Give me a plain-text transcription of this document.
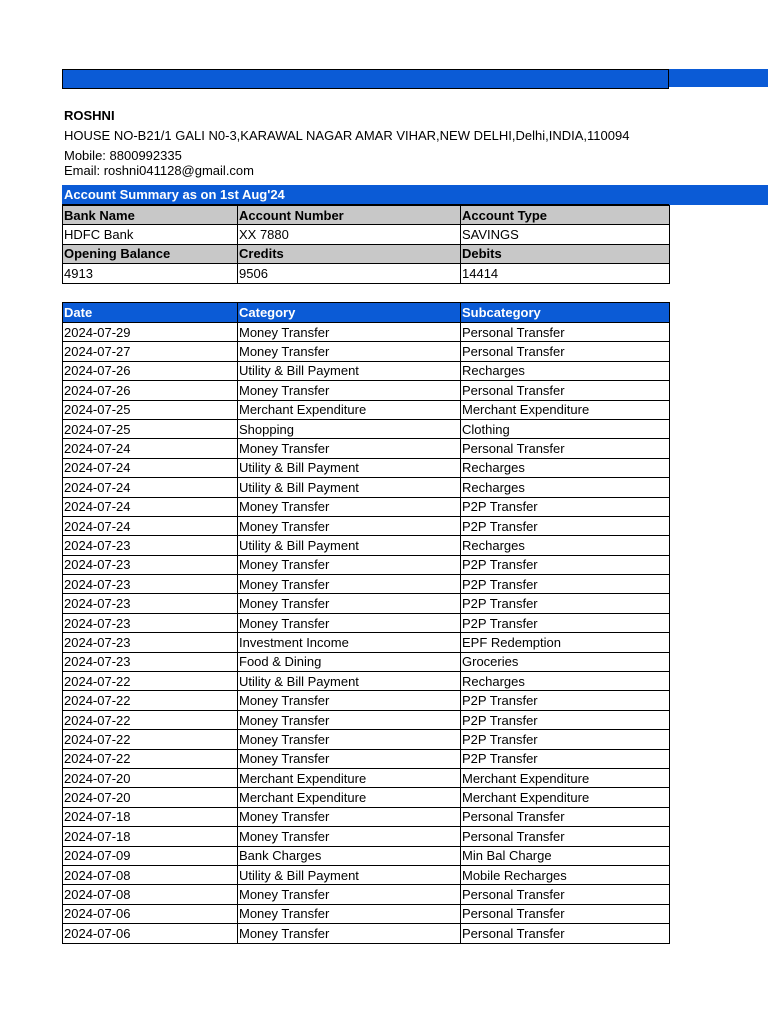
ROSHNI
HOUSE NO-B21/1 GALI N0-3,KARAWAL NAGAR AMAR VIHAR,NEW DELHI,Delhi,INDIA,110094
Mobile: 8800992335
Email: roshni041128@gmail.com
Account Summary as on 1st Aug'24
Bank Name	Account Number	Account Type
HDFC Bank	XX 7880	SAVINGS
Opening Balance	Credits	Debits
4913	9506	14414
Date	Category	Subcategory
2024-07-29	Money Transfer	Personal Transfer
2024-07-27	Money Transfer	Personal Transfer
2024-07-26	Utility & Bill Payment	Recharges
2024-07-26	Money Transfer	Personal Transfer
2024-07-25	Merchant Expenditure	Merchant Expenditure
2024-07-25	Shopping	Clothing
2024-07-24	Money Transfer	Personal Transfer
2024-07-24	Utility & Bill Payment	Recharges
2024-07-24	Utility & Bill Payment	Recharges
2024-07-24	Money Transfer	P2P Transfer
2024-07-24	Money Transfer	P2P Transfer
2024-07-23	Utility & Bill Payment	Recharges
2024-07-23	Money Transfer	P2P Transfer
2024-07-23	Money Transfer	P2P Transfer
2024-07-23	Money Transfer	P2P Transfer
2024-07-23	Money Transfer	P2P Transfer
2024-07-23	Investment Income	EPF Redemption
2024-07-23	Food & Dining	Groceries
2024-07-22	Utility & Bill Payment	Recharges
2024-07-22	Money Transfer	P2P Transfer
2024-07-22	Money Transfer	P2P Transfer
2024-07-22	Money Transfer	P2P Transfer
2024-07-22	Money Transfer	P2P Transfer
2024-07-20	Merchant Expenditure	Merchant Expenditure
2024-07-20	Merchant Expenditure	Merchant Expenditure
2024-07-18	Money Transfer	Personal Transfer
2024-07-18	Money Transfer	Personal Transfer
2024-07-09	Bank Charges	Min Bal Charge
2024-07-08	Utility & Bill Payment	Mobile Recharges
2024-07-08	Money Transfer	Personal Transfer
2024-07-06	Money Transfer	Personal Transfer
2024-07-06	Money Transfer	Personal Transfer
